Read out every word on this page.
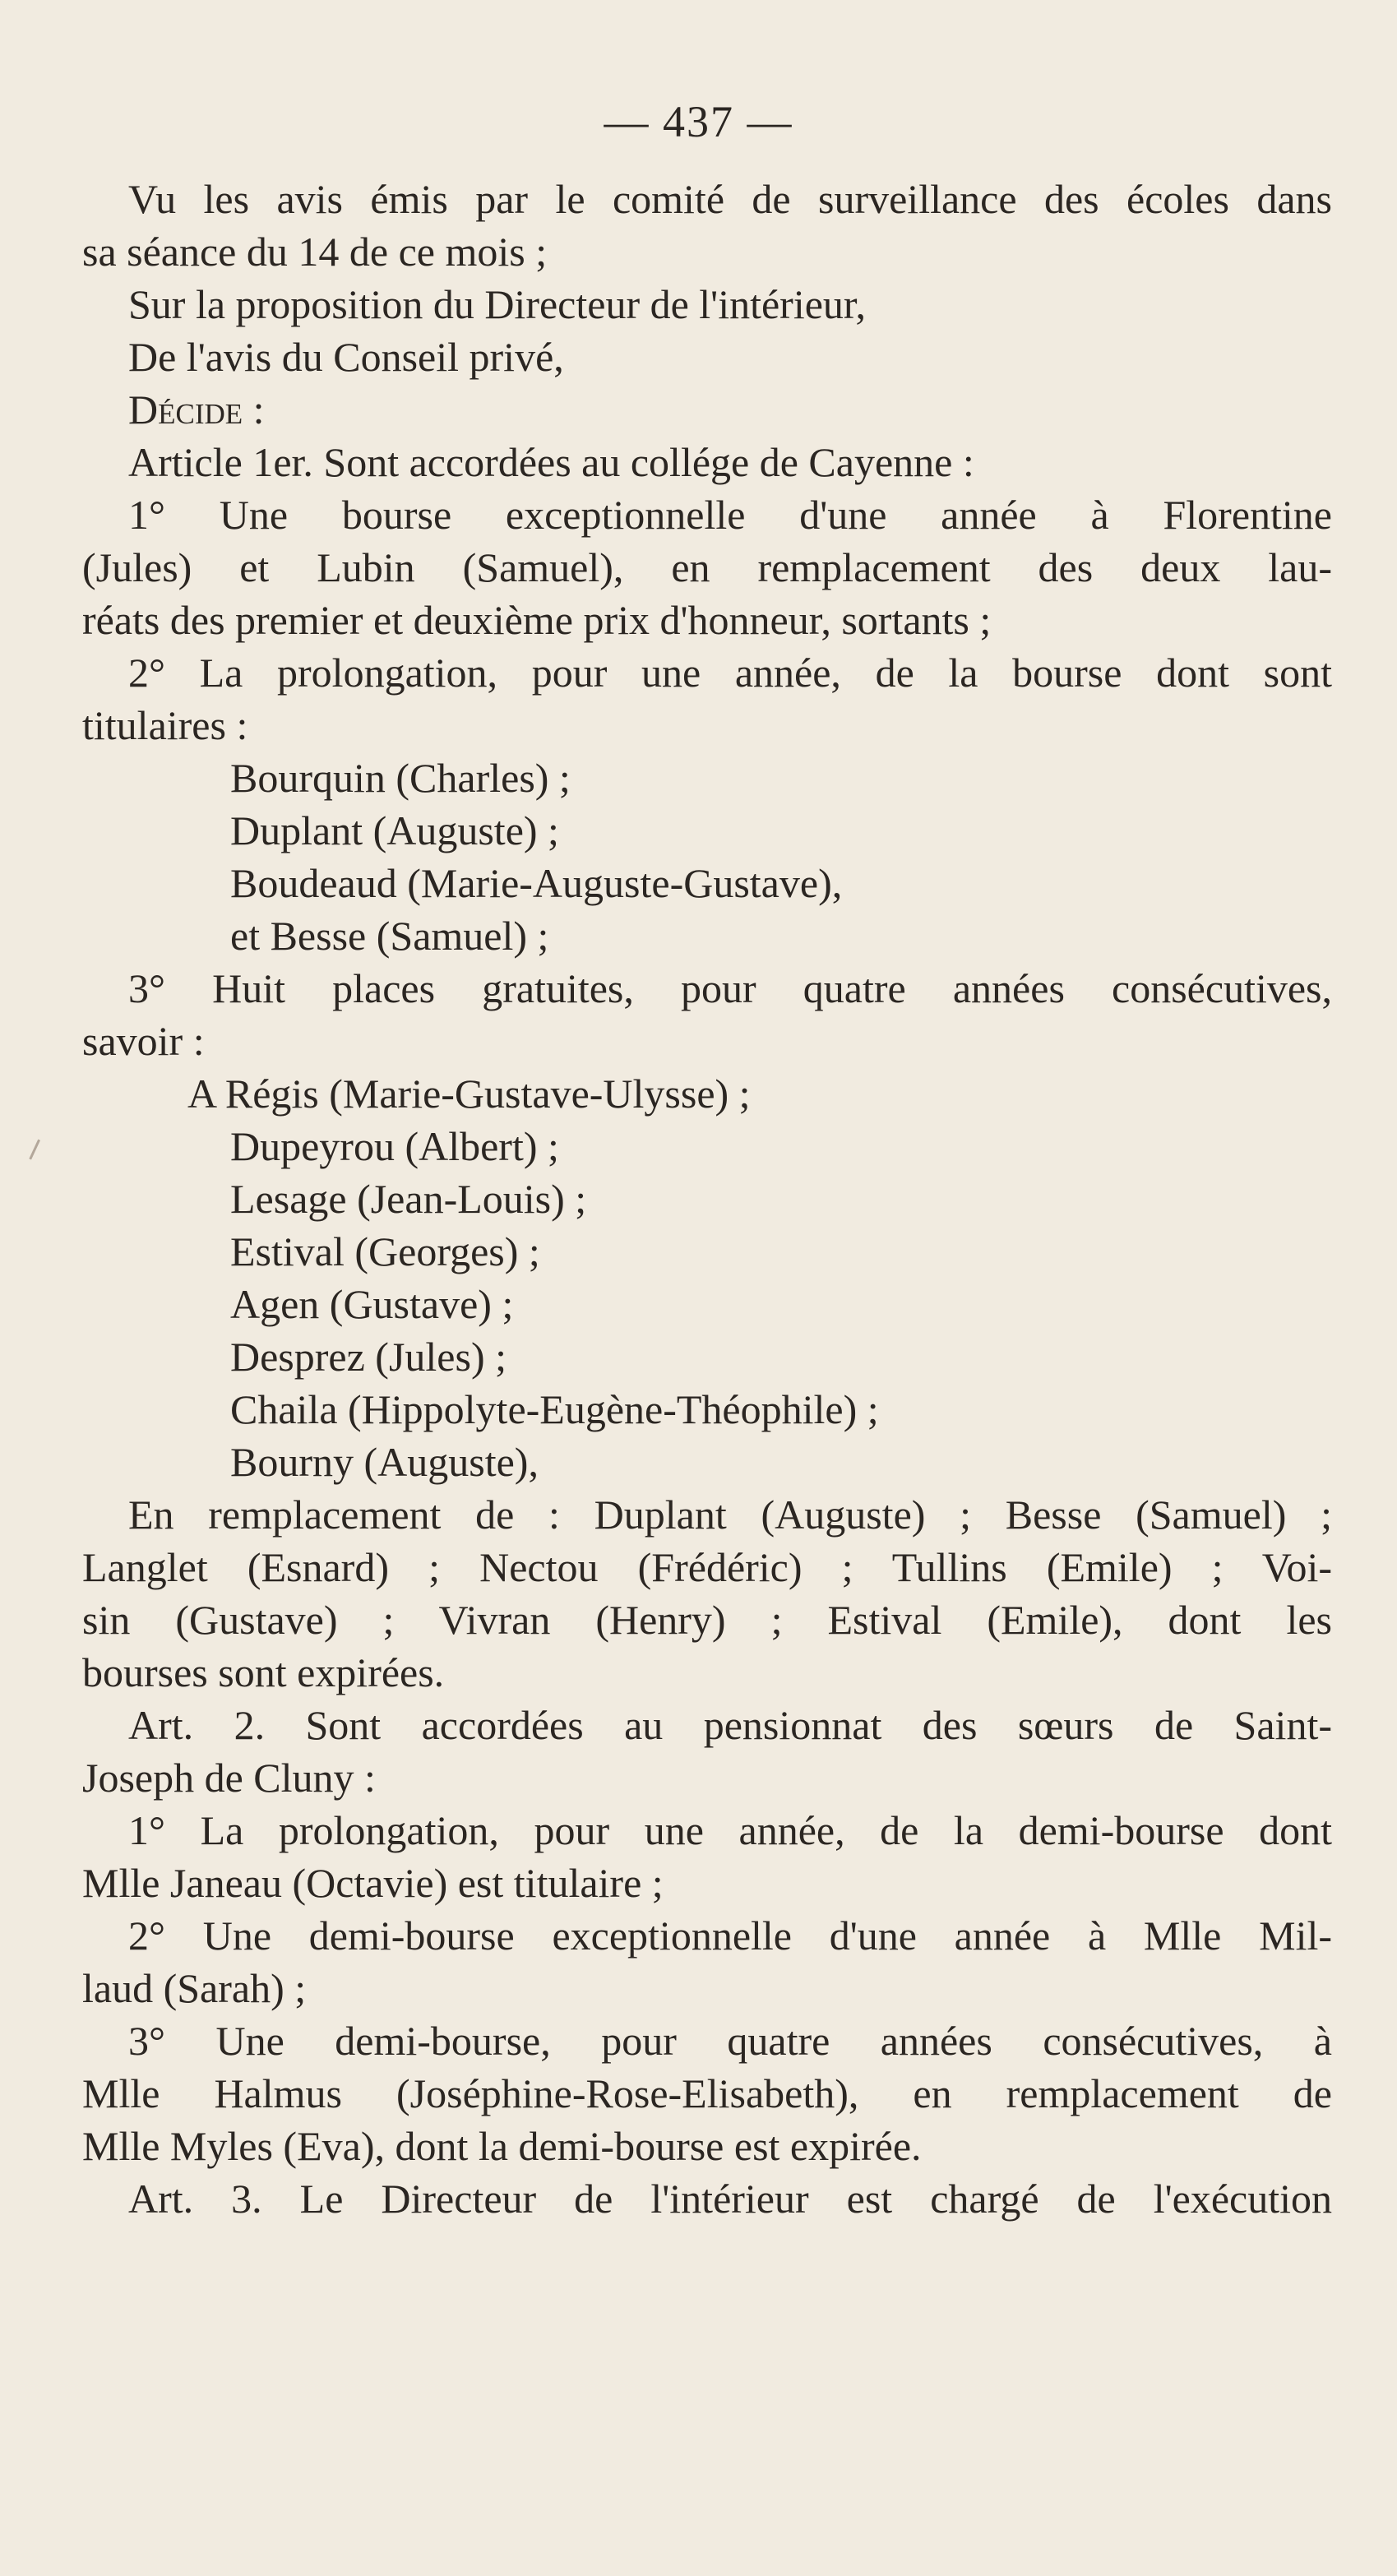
— 437 —
Vu les avis émis par le comité de surveillance des écoles dans
sa séance du 14 de ce mois ;
Sur la proposition du Directeur de l'intérieur,
De l'avis du Conseil privé,
Décide :
Article 1er. Sont accordées au collége de Cayenne :
1° Une bourse exceptionnelle d'une année à Florentine
(Jules) et Lubin (Samuel), en remplacement des deux lau-
réats des premier et deuxième prix d'honneur, sortants ;
2° La prolongation, pour une année, de la bourse dont sont
titulaires :
Bourquin (Charles) ;
Duplant (Auguste) ;
Boudeaud (Marie-Auguste-Gustave),
et Besse (Samuel) ;
3° Huit places gratuites, pour quatre années consécutives,
savoir :
A Régis (Marie-Gustave-Ulysse) ;
Dupeyrou (Albert) ;
Lesage (Jean-Louis) ;
Estival (Georges) ;
Agen (Gustave) ;
Desprez (Jules) ;
Chaila (Hippolyte-Eugène-Théophile) ;
Bourny (Auguste),
En remplacement de : Duplant (Auguste) ; Besse (Samuel) ;
Langlet (Esnard) ; Nectou (Frédéric) ; Tullins (Emile) ; Voi-
sin (Gustave) ; Vivran (Henry) ; Estival (Emile), dont les
bourses sont expirées.
Art. 2. Sont accordées au pensionnat des sœurs de Saint-
Joseph de Cluny :
1° La prolongation, pour une année, de la demi-bourse dont
Mlle Janeau (Octavie) est titulaire ;
2° Une demi-bourse exceptionnelle d'une année à Mlle Mil-
laud (Sarah) ;
3° Une demi-bourse, pour quatre années consécutives, à
Mlle Halmus (Joséphine-Rose-Elisabeth), en remplacement de
Mlle Myles (Eva), dont la demi-bourse est expirée.
Art. 3. Le Directeur de l'intérieur est chargé de l'exécution
